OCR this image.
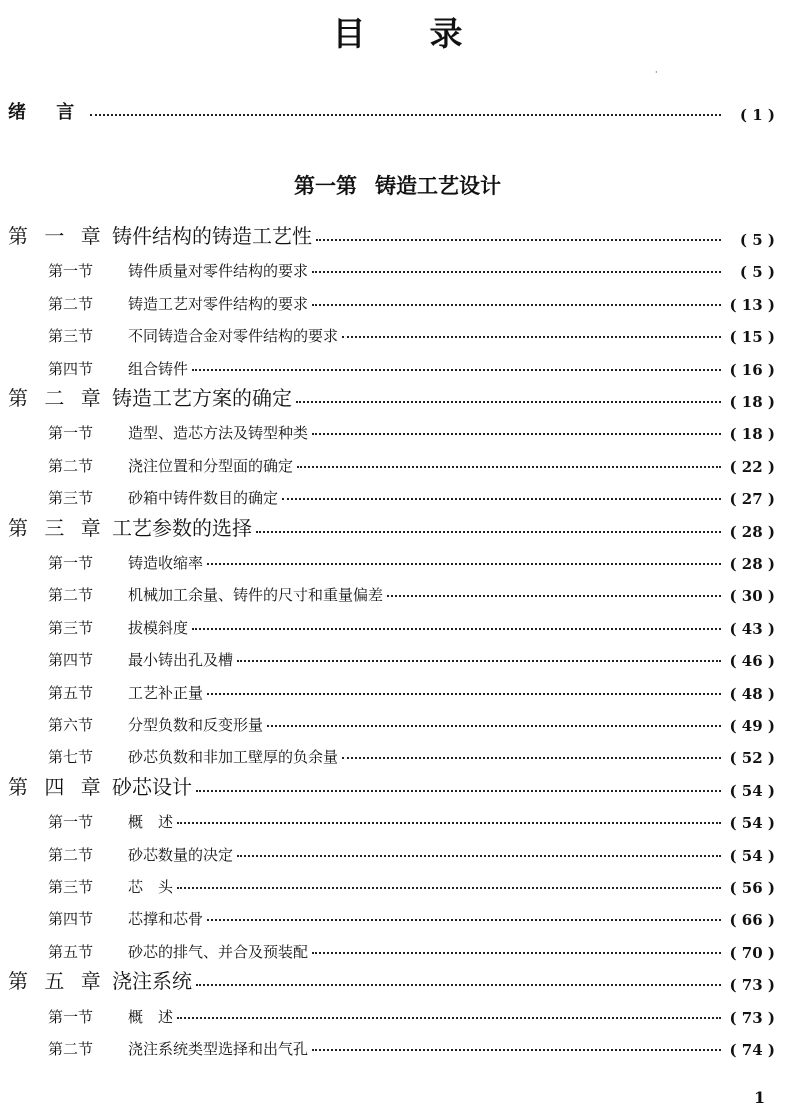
目 录
·
绪 言	( 1 )
第一第 铸造工艺设计
第 一 章 铸件结构的铸造工艺性	( 5 )
第一节 铸件质量对零件结构的要求	( 5 )
第二节 铸造工艺对零件结构的要求	( 13 )
第三节 不同铸造合金对零件结构的要求	( 15 )
第四节 组合铸件	( 16 )
第 二 章 铸造工艺方案的确定	( 18 )
第一节 造型、造芯方法及铸型种类	( 18 )
第二节 浇注位置和分型面的确定	( 22 )
第三节 砂箱中铸件数目的确定	( 27 )
第 三 章 工艺参数的选择	( 28 )
第一节 铸造收缩率	( 28 )
第二节 机械加工余量、铸件的尺寸和重量偏差	( 30 )
第三节 拔模斜度	( 43 )
第四节 最小铸出孔及槽	( 46 )
第五节 工艺补正量	( 48 )
第六节 分型负数和反变形量	( 49 )
第七节 砂芯负数和非加工壁厚的负余量	( 52 )
第 四 章 砂芯设计	( 54 )
第一节 概　述	( 54 )
第二节 砂芯数量的决定	( 54 )
第三节 芯　头	( 56 )
第四节 芯撑和芯骨	( 66 )
第五节 砂芯的排气、并合及预装配	( 70 )
第 五 章 浇注系统	( 73 )
第一节 概　述	( 73 )
第二节 浇注系统类型选择和出气孔	( 74 )
1
